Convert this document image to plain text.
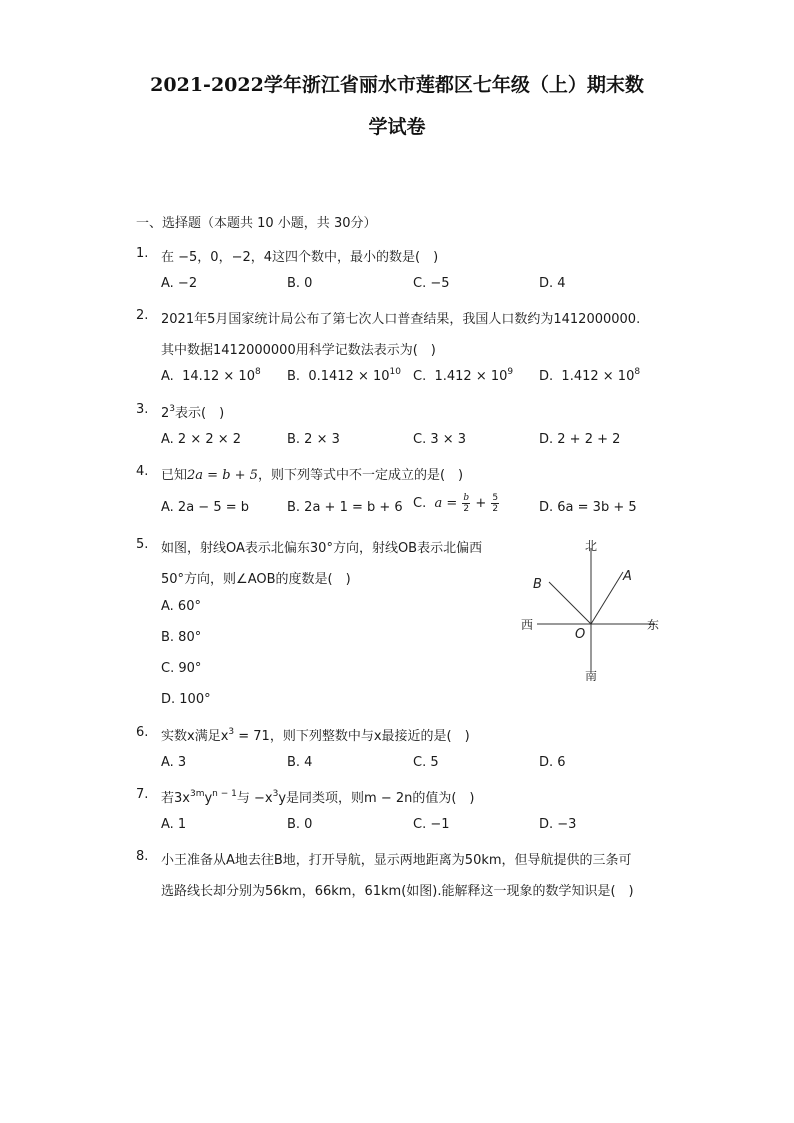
2021-2022学年浙江省丽水市莲都区七年级（上）期末数
学试卷
一、选择题（本题共 10 小题，共 30分）
1. 在 −5，0，−2，4这四个数中，最小的数是(　)
A. −2	B. 0	C. −5	D. 4
2. 2021年5月国家统计局公布了第七次人口普查结果，我国人口数约为1412000000.
其中数据1412000000用科学记数法表示为(　)
A. $14.12 \times 10^8$ B. $0.1412 \times 10^{10}$ C. $1.412 \times 10^9$ D. $1.412 \times 10^8$
3. $2^3$表示(　)
A. 2 × 2 × 2	B. 2 × 3	C. 3 × 3	D. 2 + 2 + 2
4. 已知2a = b + 5，则下列等式中不一定成立的是(　)
A. 2a − 5 = b	B. 2a + 1 = b + 6 C. $a = \frac{b}{2} + \frac{5}{2}$	D. 6a = 3b + 5
5. 如图，射线OA表示北偏东30°方向，射线OB表示北偏西
50°方向，则∠AOB的度数是(　)
A. 60°
B. 80°
C. 90°
D. 100°
北
南
西	东
A
B
O
6. 实数x满足$x^3 = 71$，则下列整数中与x最接近的是(　)
A. 3	B. 4	C. 5	D. 6
7. 若$3x^{3m}y^{n - 1}$与 $-x^3y$是同类项，则m − 2n的值为(　)
A. 1	B. 0	C. −1	D. −3
8. 小王准备从A地去往B地，打开导航，显示两地距离为50km，但导航提供的三条可
选路线长却分别为56km，66km，61km(如图).能解释这一现象的数学知识是(　)
